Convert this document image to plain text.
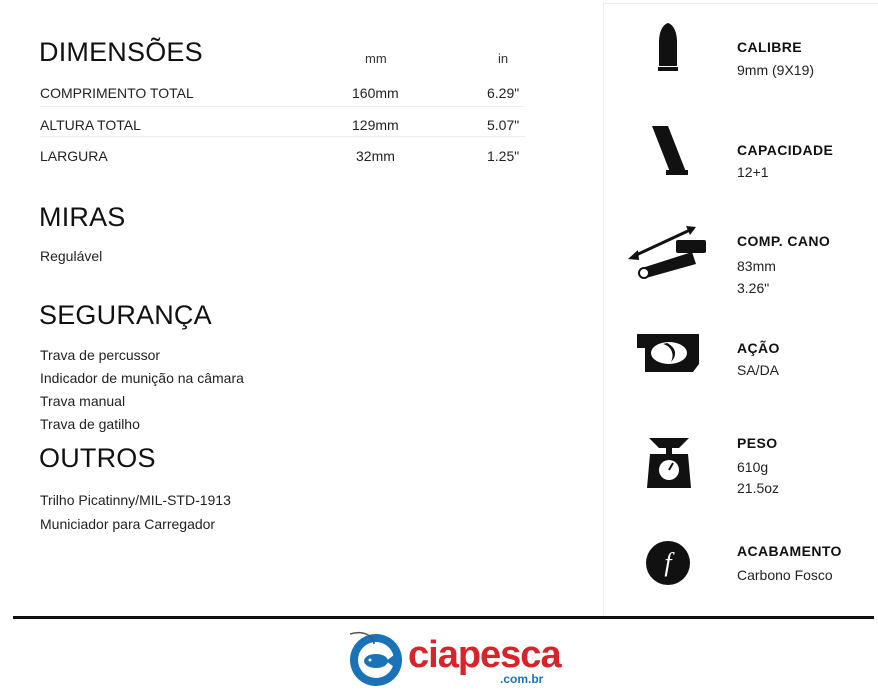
DIMENSÕES	mm	in
COMPRIMENTO TOTAL	160mm	6.29"
ALTURA TOTAL	129mm	5.07"
LARGURA	32mm	1.25"
MIRAS
Regulável
SEGURANÇA
Trava de percussor
Indicador de munição na câmara
Trava manual
Trava de gatilho
OUTROS
Trilho Picatinny/MIL-STD-1913
Municiador para Carregador
CALIBRE
9mm (9X19)
CAPACIDADE
12+1
COMP. CANO
83mm
3.26"
AÇÃO
SA/DA
PESO
610g
21.5oz
f	ACABAMENTO
Carbono Fosco
ciapesca
.com.br
